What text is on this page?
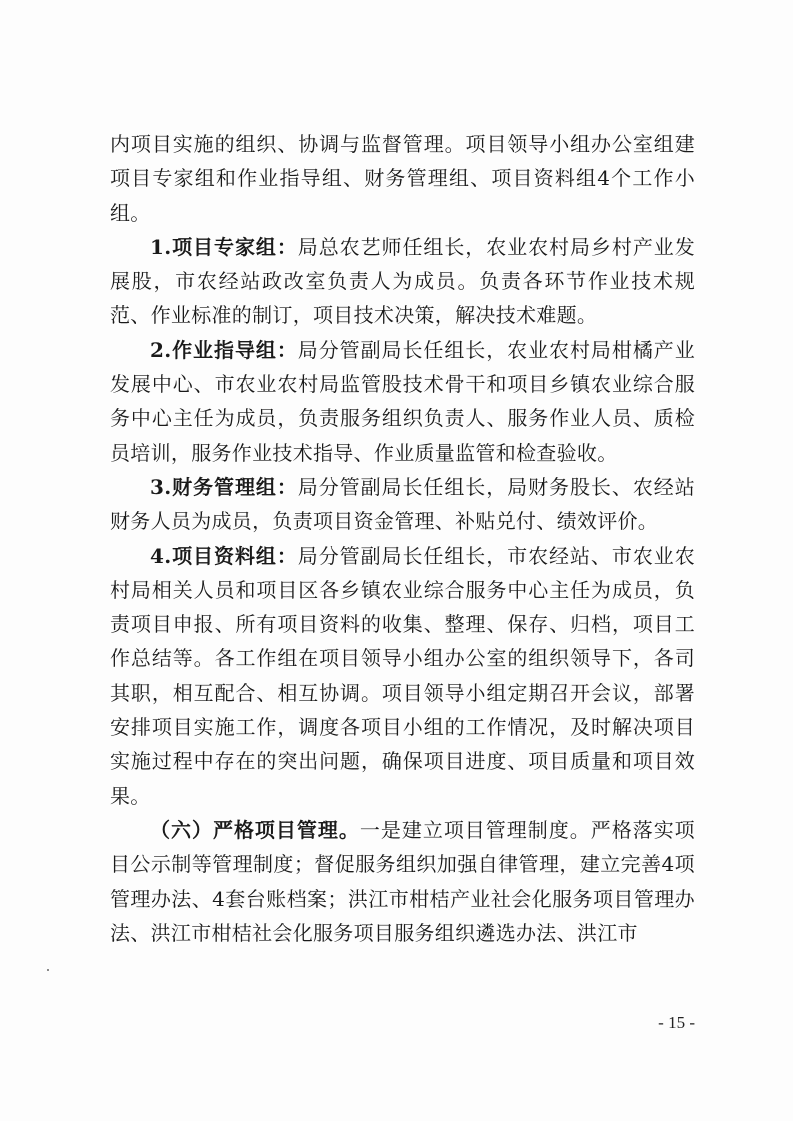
内项目实施的组织、协调与监督管理。项目领导小组办公室组建项目专家组和作业指导组、财务管理组、项目资料组4个工作小组。

1.项目专家组：局总农艺师任组长，农业农村局乡村产业发展股，市农经站政改室负责人为成员。负责各环节作业技术规范、作业标准的制订，项目技术决策，解决技术难题。

2.作业指导组：局分管副局长任组长，农业农村局柑橘产业发展中心、市农业农村局监管股技术骨干和项目乡镇农业综合服务中心主任为成员，负责服务组织负责人、服务作业人员、质检员培训，服务作业技术指导、作业质量监管和检查验收。

3.财务管理组：局分管副局长任组长，局财务股长、农经站财务人员为成员，负责项目资金管理、补贴兑付、绩效评价。

4.项目资料组：局分管副局长任组长，市农经站、市农业农村局相关人员和项目区各乡镇农业综合服务中心主任为成员，负责项目申报、所有项目资料的收集、整理、保存、归档，项目工作总结等。各工作组在项目领导小组办公室的组织领导下，各司其职，相互配合、相互协调。项目领导小组定期召开会议，部署安排项目实施工作，调度各项目小组的工作情况，及时解决项目实施过程中存在的突出问题，确保项目进度、项目质量和项目效果。

（六）严格项目管理。一是建立项目管理制度。严格落实项目公示制等管理制度；督促服务组织加强自律管理，建立完善4项管理办法、4套台账档案；洪江市柑桔产业社会化服务项目管理办法、洪江市柑桔社会化服务项目服务组织遴选办法、洪江市

- 15 -
